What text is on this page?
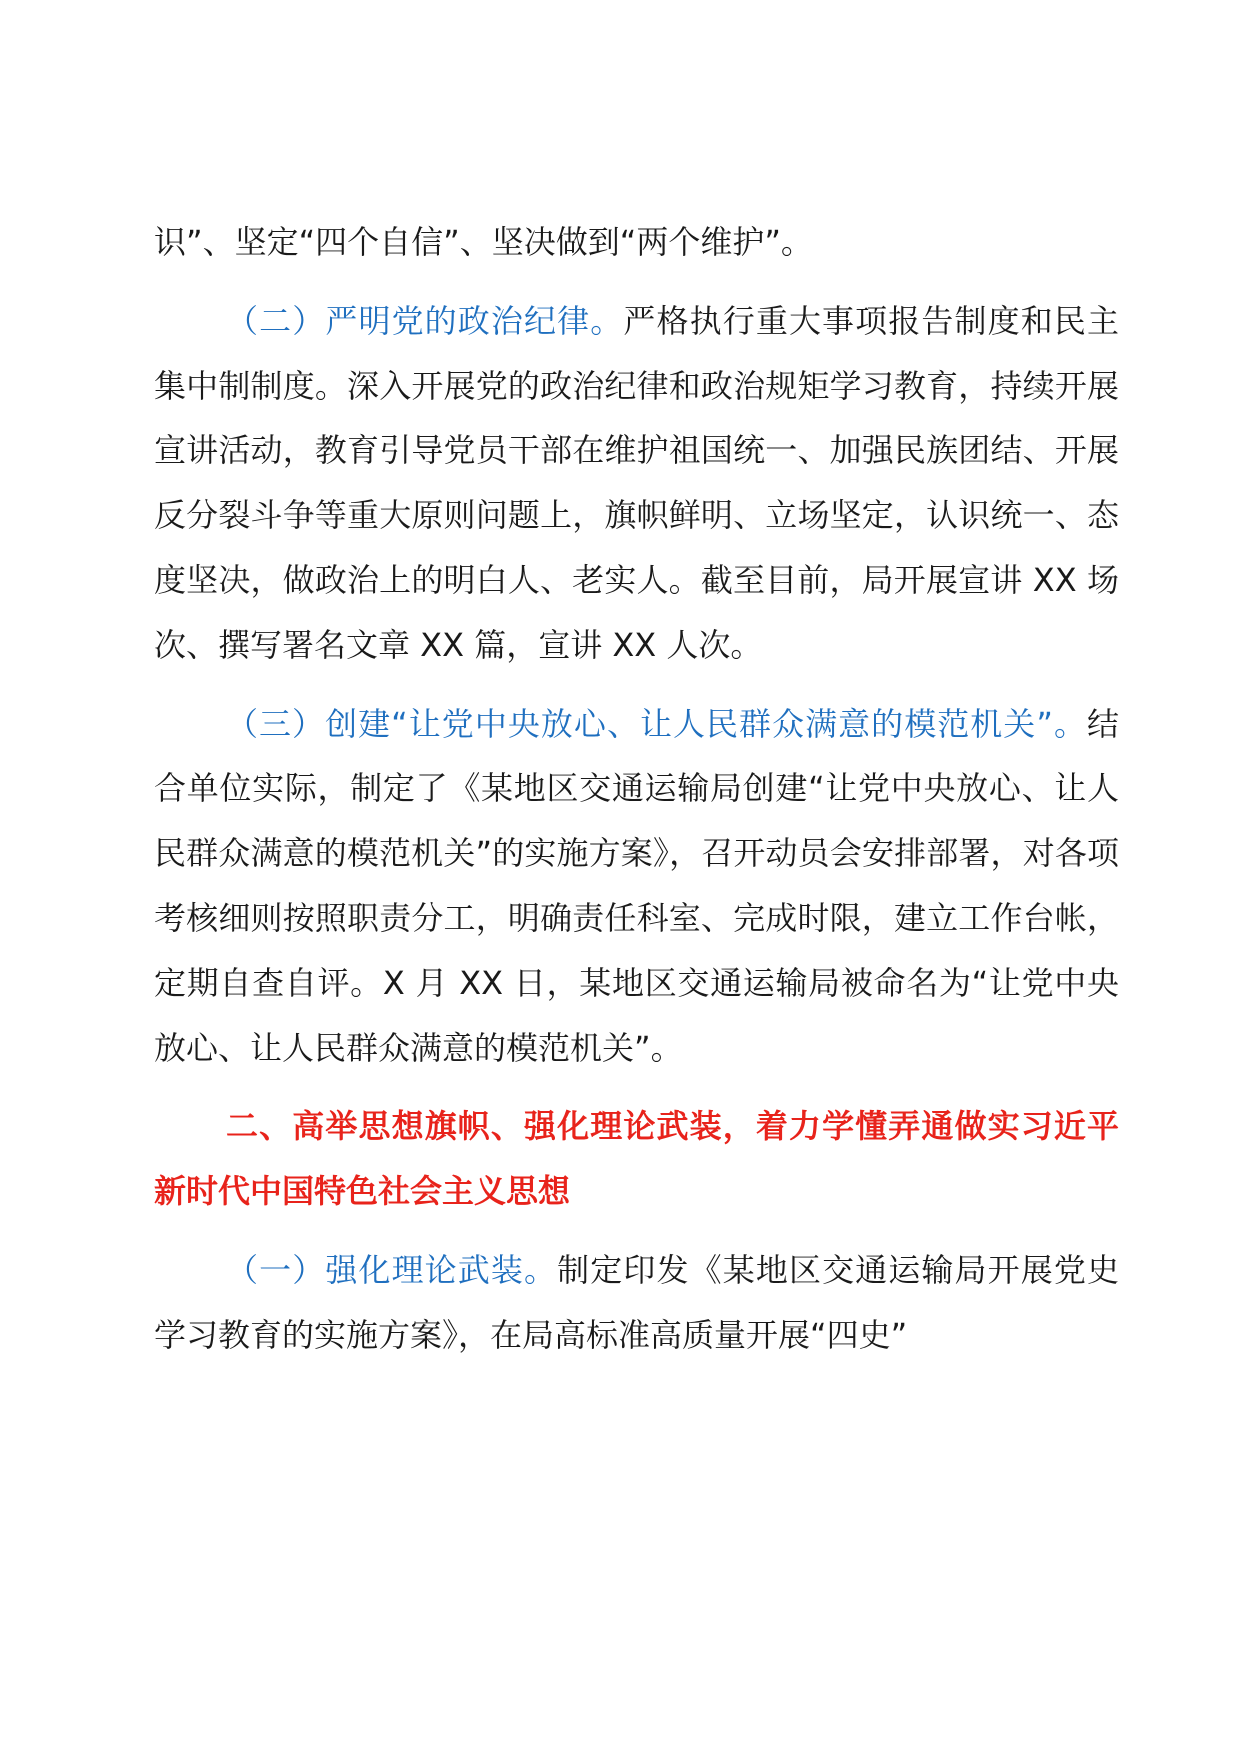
识”、坚定“四个自信”、坚决做到“两个维护”。

（二）严明党的政治纪律。严格执行重大事项报告制度和民主集中制制度。深入开展党的政治纪律和政治规矩学习教育，持续开展宣讲活动，教育引导党员干部在维护祖国统一、加强民族团结、开展反分裂斗争等重大原则问题上，旗帜鲜明、立场坚定，认识统一、态度坚决，做政治上的明白人、老实人。截至目前，局开展宣讲 XX 场次、撰写署名文章 XX 篇，宣讲 XX 人次。

（三）创建“让党中央放心、让人民群众满意的模范机关”。结合单位实际，制定了《某地区交通运输局创建“让党中央放心、让人民群众满意的模范机关”的实施方案》，召开动员会安排部署，对各项考核细则按照职责分工，明确责任科室、完成时限，建立工作台帐，定期自查自评。X 月 XX 日，某地区交通运输局被命名为“让党中央放心、让人民群众满意的模范机关”。

二、高举思想旗帜、强化理论武装，着力学懂弄通做实习近平新时代中国特色社会主义思想

（一）强化理论武装。制定印发《某地区交通运输局开展党史学习教育的实施方案》，在局高标准高质量开展“四史”
